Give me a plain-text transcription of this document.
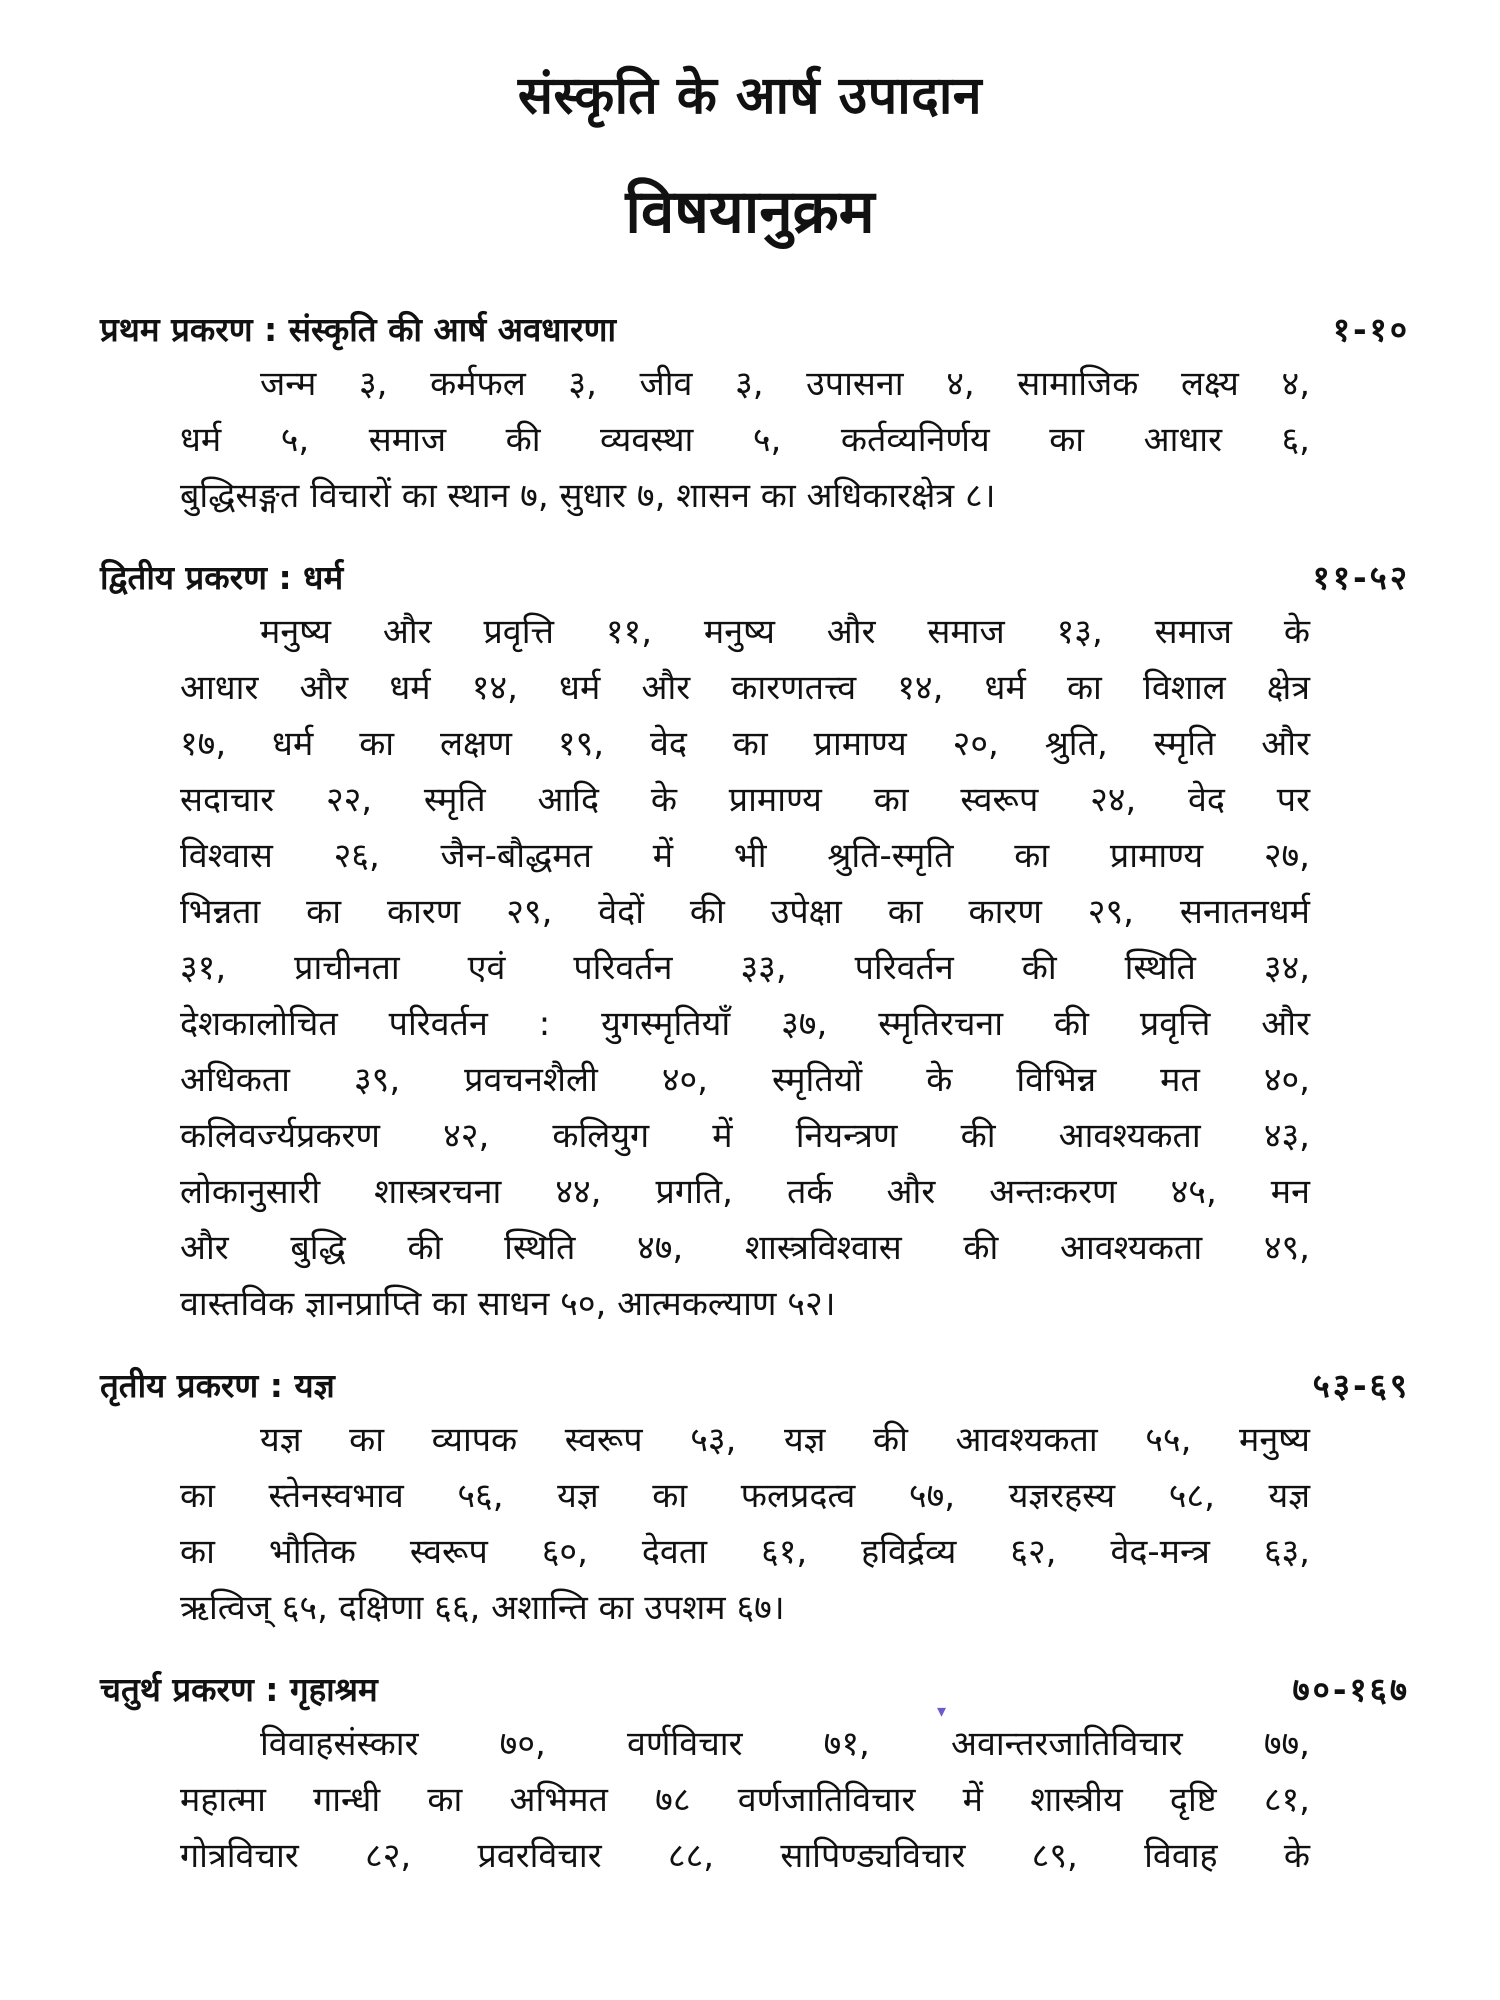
संस्कृति के आर्ष उपादान
विषयानुक्रम
प्रथम प्रकरण : संस्कृति की आर्ष अवधारणा	१-१०
जन्म ३, कर्मफल ३, जीव ३, उपासना ४, सामाजिक लक्ष्य ४,
धर्म ५, समाज की व्यवस्था ५, कर्तव्यनिर्णय का आधार ६,
बुद्धिसङ्गत विचारों का स्थान ७, सुधार ७, शासन का अधिकारक्षेत्र ८।
द्वितीय प्रकरण : धर्म	११-५२
मनुष्य और प्रवृत्ति ११, मनुष्य और समाज १३, समाज के
आधार और धर्म १४, धर्म और कारणतत्त्व १४, धर्म का विशाल क्षेत्र
१७, धर्म का लक्षण १९, वेद का प्रामाण्य २०, श्रुति, स्मृति और
सदाचार २२, स्मृति आदि के प्रामाण्य का स्वरूप २४, वेद पर
विश्वास २६, जैन-बौद्धमत में भी श्रुति-स्मृति का प्रामाण्य २७,
भिन्नता का कारण २९, वेदों की उपेक्षा का कारण २९, सनातनधर्म
३१, प्राचीनता एवं परिवर्तन ३३, परिवर्तन की स्थिति ३४,
देशकालोचित परिवर्तन : युगस्मृतियाँ ३७, स्मृतिरचना की प्रवृत्ति और
अधिकता ३९, प्रवचनशैली ४०, स्मृतियों के विभिन्न मत ४०,
कलिवर्ज्यप्रकरण ४२, कलियुग में नियन्त्रण की आवश्यकता ४३,
लोकानुसारी शास्त्ररचना ४४, प्रगति, तर्क और अन्तःकरण ४५, मन
और बुद्धि की स्थिति ४७, शास्त्रविश्वास की आवश्यकता ४९,
वास्तविक ज्ञानप्राप्ति का साधन ५०, आत्मकल्याण ५२।
तृतीय प्रकरण : यज्ञ	५३-६९
यज्ञ का व्यापक स्वरूप ५३, यज्ञ की आवश्यकता ५५, मनुष्य
का स्तेनस्वभाव ५६, यज्ञ का फलप्रदत्व ५७, यज्ञरहस्य ५८, यज्ञ
का भौतिक स्वरूप ६०, देवता ६१, हविर्द्रव्य ६२, वेद-मन्त्र ६३,
ऋत्विज् ६५, दक्षिणा ६६, अशान्ति का उपशम ६७।
चतुर्थ प्रकरण : गृहाश्रम	७०-१६७
विवाहसंस्कार ७०, वर्णविचार ७१, अवान्तरजातिविचार ७७,
महात्मा गान्धी का अभिमत ७८ वर्णजातिविचार में शास्त्रीय दृष्टि ८१,
गोत्रविचार ८२, प्रवरविचार ८८, सापिण्ड्यविचार ८९, विवाह के
▾
